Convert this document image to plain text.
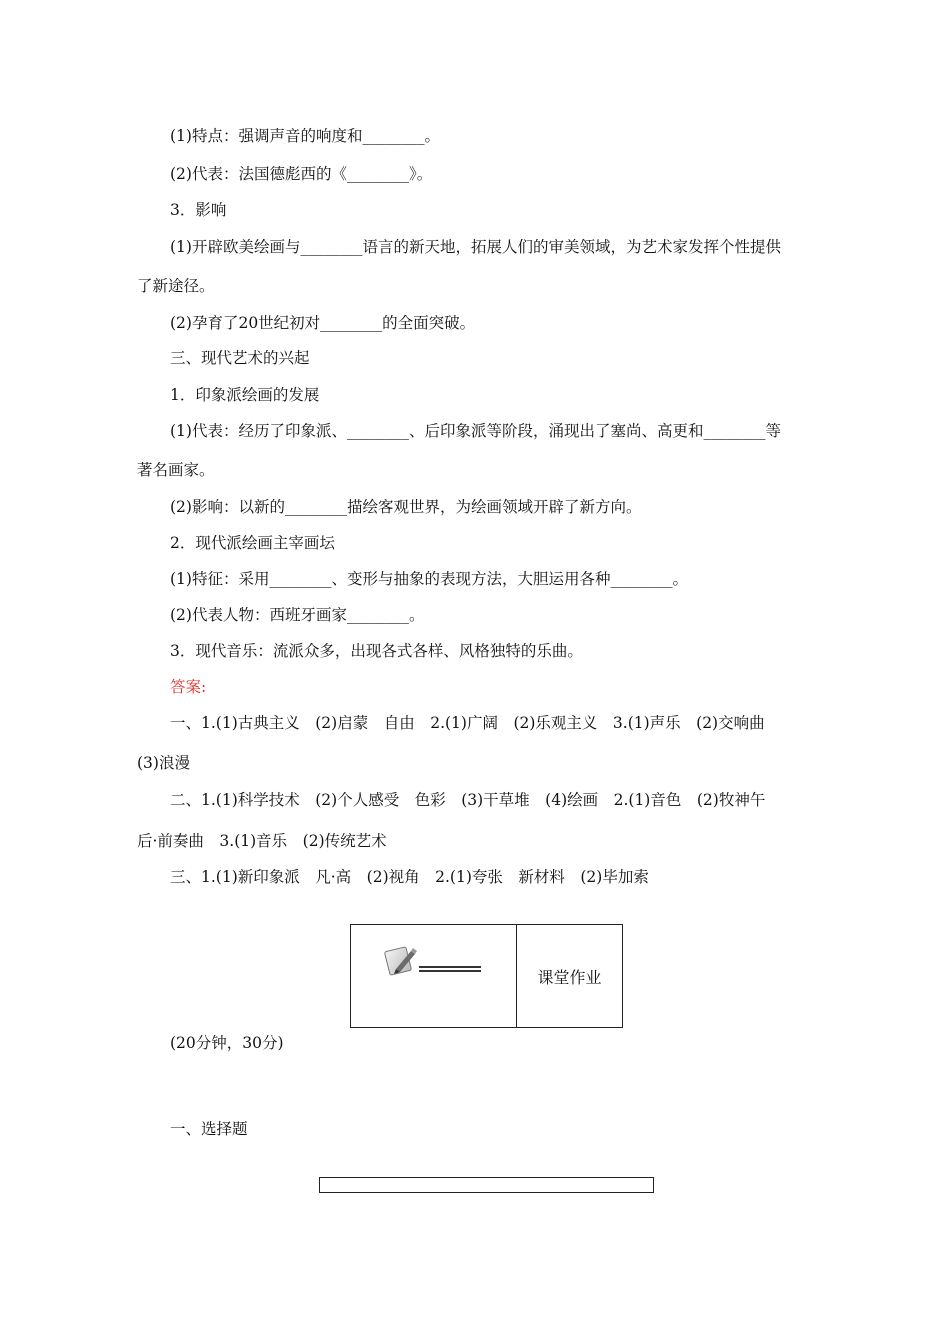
(1)特点：强调声音的响度和________。
(2)代表：法国德彪西的《________》。
3．影响
(1)开辟欧美绘画与________语言的新天地，拓展人们的审美领域，为艺术家发挥个性提供
了新途径。
(2)孕育了20世纪初对________的全面突破。
三、现代艺术的兴起
1．印象派绘画的发展
(1)代表：经历了印象派、________、后印象派等阶段，涌现出了塞尚、高更和________等
著名画家。
(2)影响：以新的________描绘客观世界，为绘画领域开辟了新方向。
2．现代派绘画主宰画坛
(1)特征：采用________、变形与抽象的表现方法，大胆运用各种________。
(2)代表人物：西班牙画家________。
3．现代音乐：流派众多，出现各式各样、风格独特的乐曲。
答案:
一、1.(1)古典主义　(2)启蒙　自由　2.(1)广阔　(2)乐观主义　3.(1)声乐　(2)交响曲
(3)浪漫
二、1.(1)科学技术　(2)个人感受　色彩　(3)干草堆　(4)绘画　2.(1)音色　(2)牧神午
后·前奏曲　3.(1)音乐　(2)传统艺术
三、1.(1)新印象派　凡·高　(2)视角　2.(1)夸张　新材料　(2)毕加索
课堂作业
(20分钟，30分)
一、选择题
